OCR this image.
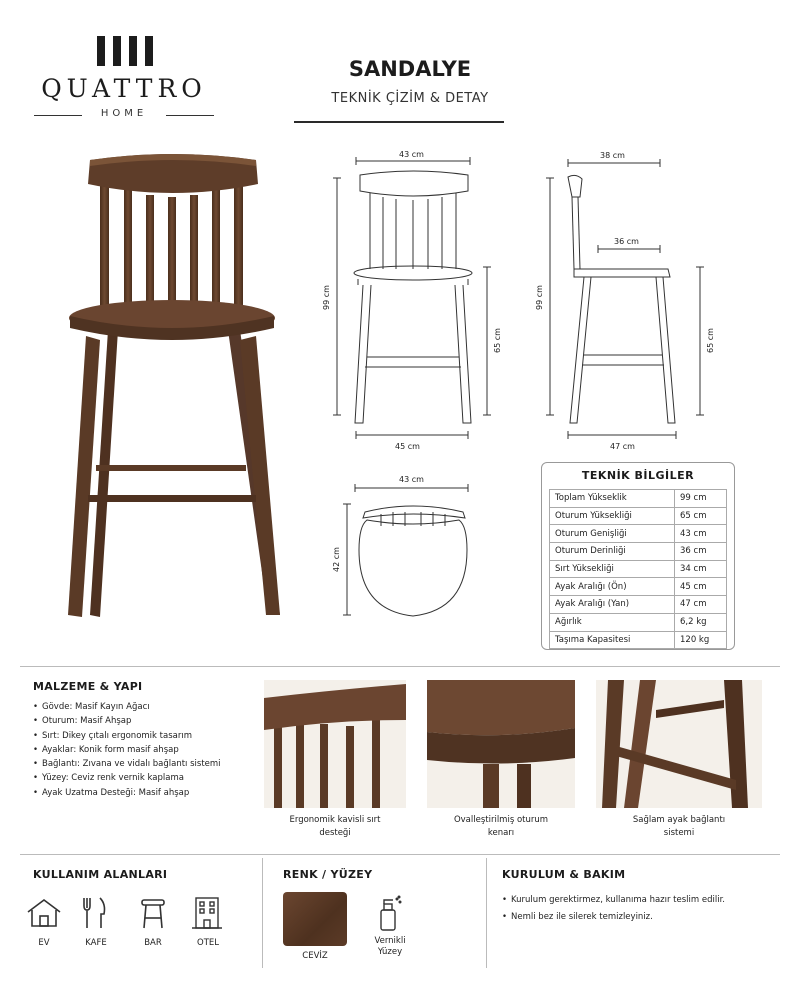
QUATTRO
HOME
SANDALYE
TEKNİK ÇİZİM & DETAY
43 cm
99 cm
65 cm
45 cm
38 cm
36 cm
99 cm
65 cm
47 cm
43 cm
42 cm
TEKNİK BİLGİLER
Toplam Yükseklik	99 cm
Oturum Yüksekliği	65 cm
Oturum Genişliği	43 cm
Oturum Derinliği	36 cm
Sırt Yüksekliği	34 cm
Ayak Aralığı (Ön)	45 cm
Ayak Aralığı (Yan)	47 cm
Ağırlık	6,2 kg
Taşıma Kapasitesi	120 kg
MALZEME & YAPI
• Gövde: Masif Kayın Ağacı
• Oturum: Masif Ahşap
• Sırt: Dikey çıtalı ergonomik tasarım
• Ayaklar: Konik form masif ahşap
• Bağlantı: Zıvana ve vidalı bağlantı sistemi
• Yüzey: Ceviz renk vernik kaplama
• Ayak Uzatma Desteği: Masif ahşap
Ergonomik kavisli sırt
desteği
Ovalleştirilmiş oturum
kenarı
Sağlam ayak bağlantı
sistemi
KULLANIM ALANLARI
EV	KAFE	BAR	OTEL
RENK / YÜZEY
CEVİZ
Vernikli
Yüzey
KURULUM & BAKIM
• Kurulum gerektirmez, kullanıma hazır teslim edilir.
• Nemli bez ile silerek temizleyiniz.
